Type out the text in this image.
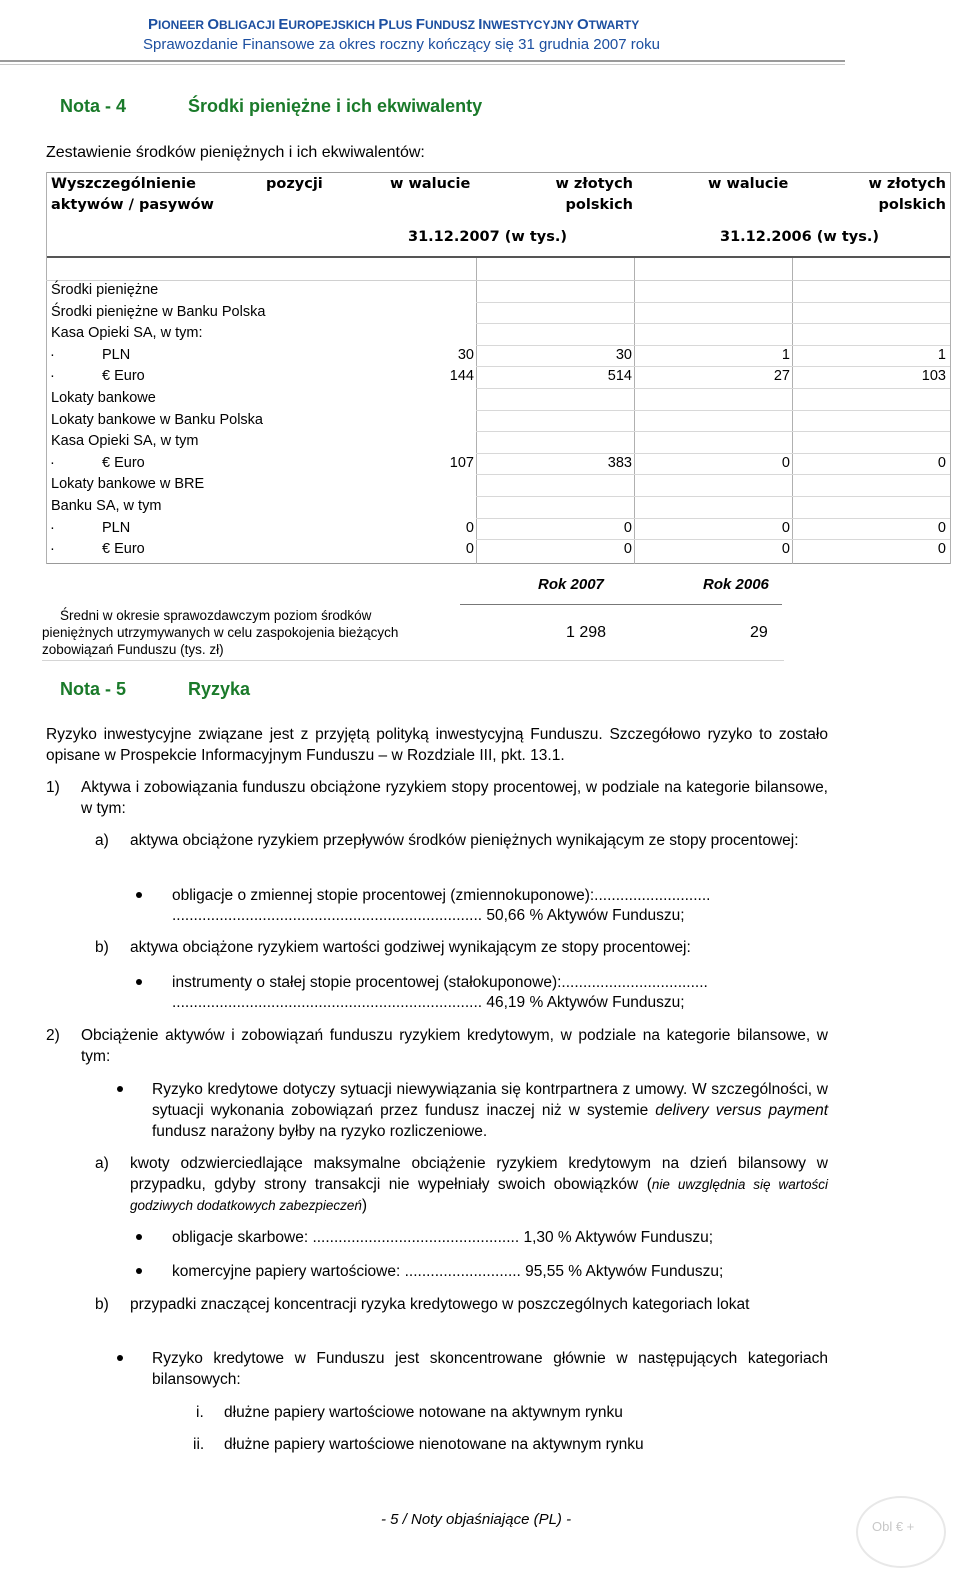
PIONEER OBLIGACJI EUROPEJSKICH PLUS FUNDUSZ INWESTYCYJNY OTWARTY
Sprawozdanie Finansowe za okres roczny kończący się 31 grudnia 2007 roku
Nota - 4	Środki pieniężne i ich ekwiwalenty
Zestawienie środków pieniężnych i ich ekwiwalentów:
Wyszczególnienie	pozycji
aktywów / pasywów
w walucie	w złotych
polskich
w walucie	w złotych
polskich
31.12.2007 (w tys.)	31.12.2006 (w tys.)
Środki pieniężne
Środki pieniężne w Banku Polska
Kasa Opieki SA, w tym:
·	PLN	30	30	1	1
·	€ Euro	144	514	27	103
Lokaty bankowe
Lokaty bankowe w Banku Polska
Kasa Opieki SA, w tym
·	€ Euro	107	383	0	0
Lokaty bankowe w BRE
Banku SA, w tym
·	PLN	0	0	0	0
·	€ Euro	0	0	0	0
Rok 2007	Rok 2006
Średni w okresie sprawozdawczym poziom środków
pieniężnych utrzymywanych w celu zaspokojenia bieżących
zobowiązań Funduszu (tys. zł)
1 298	29
Nota - 5	Ryzyka
Ryzyko inwestycyjne związane jest z przyjętą polityką inwestycyjną Funduszu. Szczegółowo ryzyko to zostało opisane w Prospekcie Informacyjnym Funduszu – w Rozdziale III, pkt. 13.1.
1) Aktywa i zobowiązania funduszu obciążone ryzykiem stopy procentowej, w podziale na kategorie bilansowe, w tym:
a) aktywa obciążone ryzykiem przepływów środków pieniężnych wynikającym ze stopy procentowej:
obligacje o zmiennej stopie procentowej (zmiennokuponowe):...........................
........................................................................ 50,66 % Aktywów Funduszu;
b) aktywa obciążone ryzykiem wartości godziwej wynikającym ze stopy procentowej:
instrumenty o stałej stopie procentowej (stałokuponowe):..................................
........................................................................ 46,19 % Aktywów Funduszu;
2) Obciążenie aktywów i zobowiązań funduszu ryzykiem kredytowym, w podziale na kategorie bilansowe, w tym:
Ryzyko kredytowe dotyczy sytuacji niewywiązania się kontrpartnera z umowy. W szczególności, w sytuacji wykonania zobowiązań przez fundusz inaczej niż w systemie delivery versus payment fundusz narażony byłby na ryzyko rozliczeniowe.
a) kwoty odzwierciedlające maksymalne obciążenie ryzykiem kredytowym na dzień bilansowy w przypadku, gdyby strony transakcji nie wypełniały swoich obowiązków (nie uwzględnia się wartości godziwych dodatkowych zabezpieczeń)
obligacje skarbowe: ................................................ 1,30 % Aktywów Funduszu;
komercyjne papiery wartościowe: ........................... 95,55 % Aktywów Funduszu;
b) przypadki znaczącej koncentracji ryzyka kredytowego w poszczególnych kategoriach lokat
Ryzyko kredytowe w Funduszu jest skoncentrowane głównie w następujących kategoriach bilansowych:
i. dłużne papiery wartościowe notowane na aktywnym rynku
ii. dłużne papiery wartościowe nienotowane na aktywnym rynku
- 5 / Noty objaśniające (PL) -	Obl € +
